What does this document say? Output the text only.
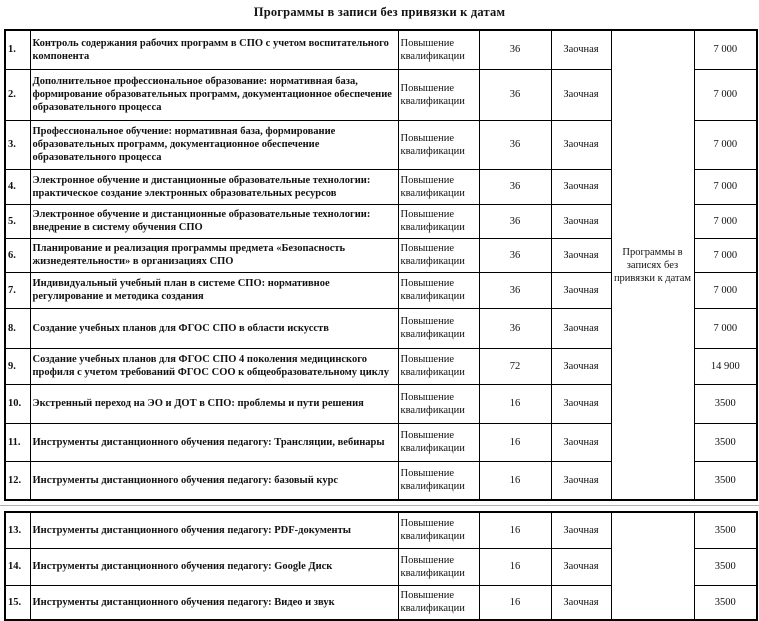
Программы в записи без привязки к датам
1.	Контроль содержания рабочих программ в СПО с учетом воспитательного компонента	Повышение квалификации	36	Заочная	Программы в записях без привязки к датам	7 000
2.	Дополнительное профессиональное образование: нормативная база, формирование образовательных программ, документационное обеспечение образовательного процесса	Повышение квалификации	36	Заочная		7 000
3.	Профессиональное обучение: нормативная база, формирование образовательных программ, документационное обеспечение образовательного процесса	Повышение квалификации	36	Заочная		7 000
4.	Электронное обучение и дистанционные образовательные технологии: практическое создание электронных образовательных ресурсов	Повышение квалификации	36	Заочная		7 000
5.	Электронное обучение и дистанционные образовательные технологии: внедрение в систему обучения СПО	Повышение квалификации	36	Заочная		7 000
6.	Планирование и реализация программы предмета «Безопасность жизнедеятельности» в организациях СПО	Повышение квалификации	36	Заочная		7 000
7.	Индивидуальный учебный план в системе СПО: нормативное регулирование и методика создания	Повышение квалификации	36	Заочная		7 000
8.	Создание учебных планов для ФГОС СПО в области искусств	Повышение квалификации	36	Заочная		7 000
9.	Создание учебных планов для ФГОС СПО 4 поколения медицинского профиля с учетом требований ФГОС СОО к общеобразовательному циклу	Повышение квалификации	72	Заочная		14 900
10.	Экстренный переход на ЭО и ДОТ в СПО: проблемы и пути решения	Повышение квалификации	16	Заочная		3500
11.	Инструменты дистанционного обучения педагогу: Трансляции, вебинары	Повышение квалификации	16	Заочная		3500
12.	Инструменты дистанционного обучения педагогу: базовый курс	Повышение квалификации	16	Заочная		3500
13.	Инструменты дистанционного обучения педагогу: PDF-документы	Повышение квалификации	16	Заочная		3500
14.	Инструменты дистанционного обучения педагогу: Google Диск	Повышение квалификации	16	Заочная		3500
15.	Инструменты дистанционного обучения педагогу: Видео и звук	Повышение квалификации	16	Заочная		3500
